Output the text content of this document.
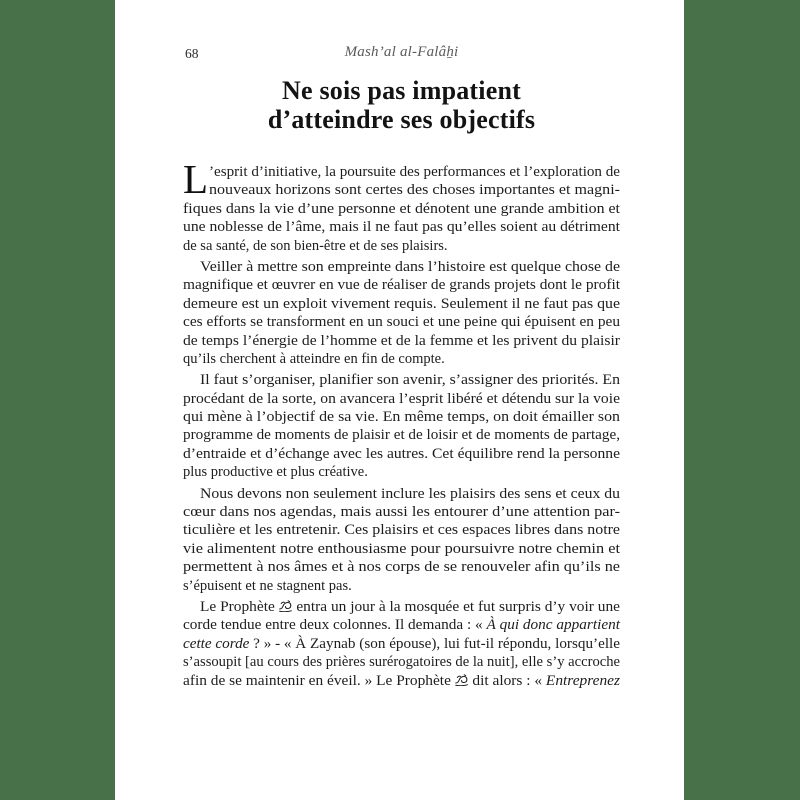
68	Mash’al al-Falâẖi
Ne sois pas impatient
d’atteindre ses objectifs
L ’esprit d’initiative, la poursuite des performances et l’exploration de
nouveaux horizons sont certes des choses importantes et magni-
fiques dans la vie d’une personne et dénotent une grande ambition et
une noblesse de l’âme, mais il ne faut pas qu’elles soient au détriment
de sa santé, de son bien-être et de ses plaisirs.
Veiller à mettre son empreinte dans l’histoire est quelque chose de
magnifique et œuvrer en vue de réaliser de grands projets dont le profit
demeure est un exploit vivement requis. Seulement il ne faut pas que
ces efforts se transforment en un souci et une peine qui épuisent en peu
de temps l’énergie de l’homme et de la femme et les privent du plaisir
qu’ils cherchent à atteindre en fin de compte.
Il faut s’organiser, planifier son avenir, s’assigner des priorités. En
procédant de la sorte, on avancera l’esprit libéré et détendu sur la voie
qui mène à l’objectif de sa vie. En même temps, on doit émailler son
programme de moments de plaisir et de loisir et de moments de partage,
d’entraide et d’échange avec les autres. Cet équilibre rend la personne
plus productive et plus créative.
Nous devons non seulement inclure les plaisirs des sens et ceux du
cœur dans nos agendas, mais aussi les entourer d’une attention par-
ticulière et les entretenir. Ces plaisirs et ces espaces libres dans notre
vie alimentent notre enthousiasme pour poursuivre notre chemin et
permettent à nos âmes et à nos corps de se renouveler afin qu’ils ne
s’épuisent et ne stagnent pas.
Le Prophète  entra un jour à la mosquée et fut surpris d’y voir une
corde tendue entre deux colonnes. Il demanda : « À qui donc appartient
cette corde ? » - « À Zaynab (son épouse), lui fut-il répondu, lorsqu’elle
s’assoupit [au cours des prières surérogatoires de la nuit], elle s’y accroche
afin de se maintenir en éveil. » Le Prophète  dit alors : « Entreprenez
